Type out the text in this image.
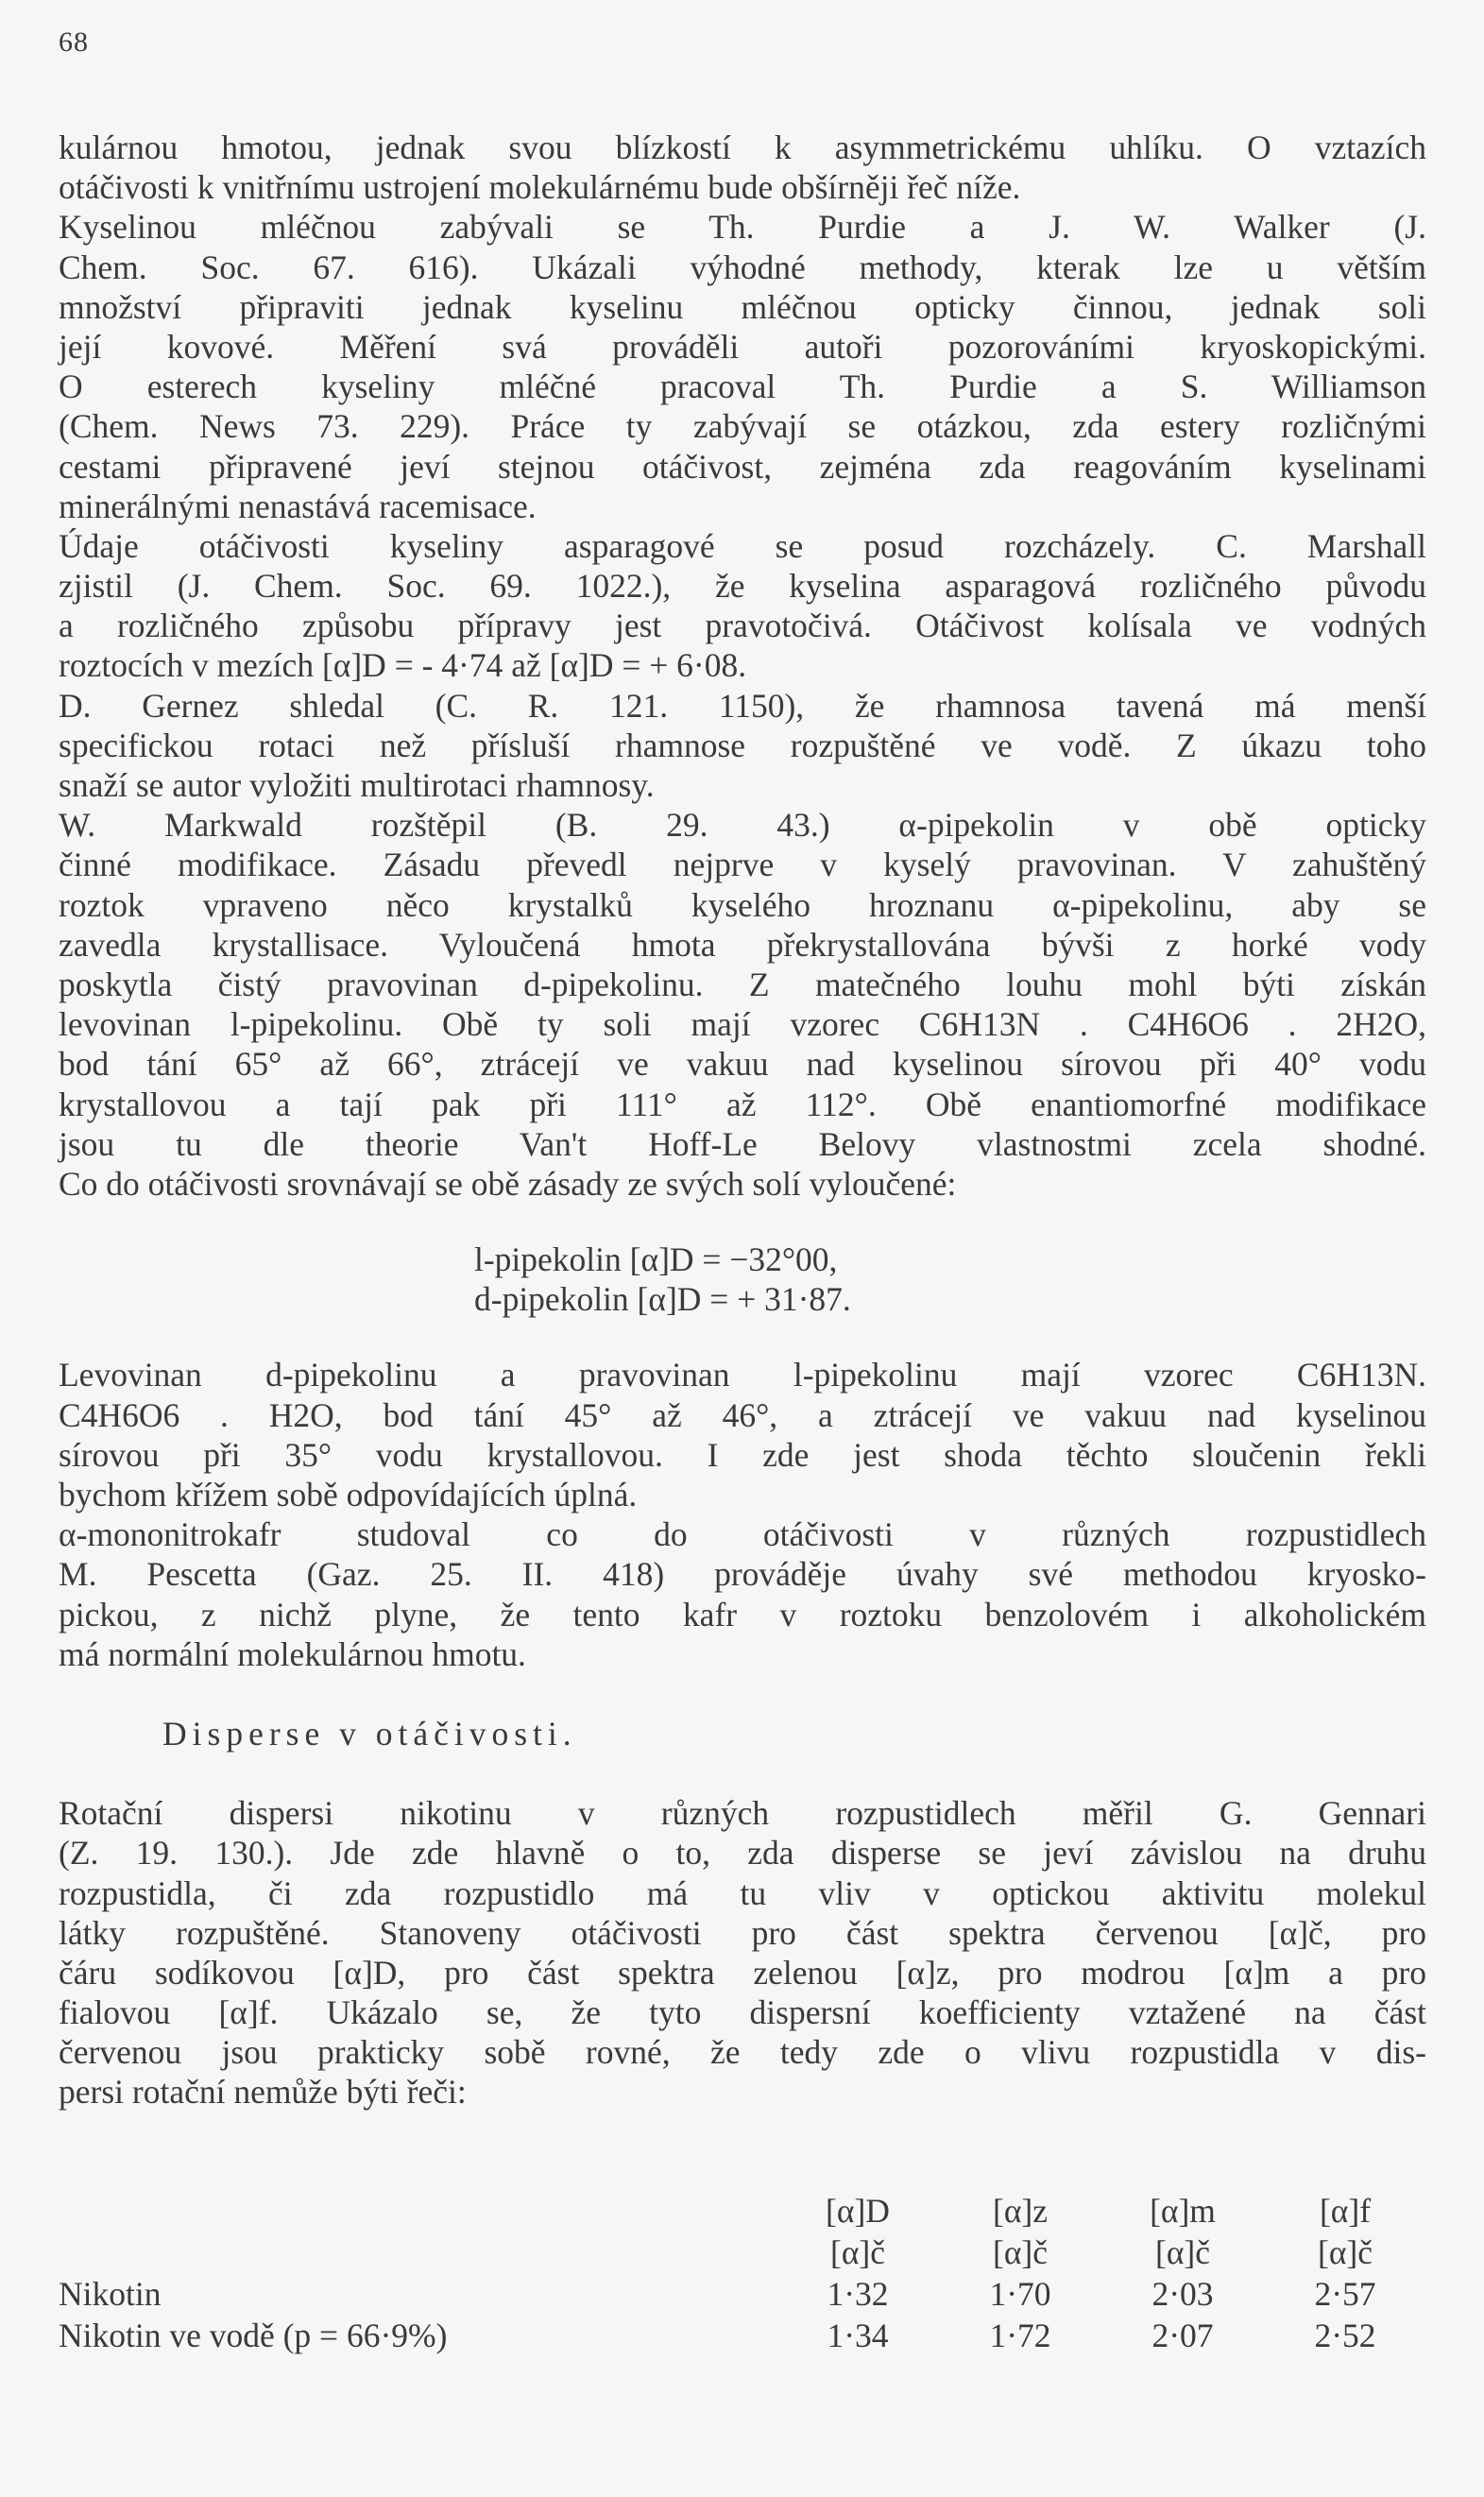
68
kulárnou hmotou, jednak svou blízkostí k asymmetrickému uhlíku. O vztazích
otáčivosti k vnitřnímu ustrojení molekulárnému bude obšírněji řeč níže.
Kyselinou mléčnou zabývali se Th. Purdie a J. W. Walker (J.
Chem. Soc. 67. 616). Ukázali výhodné methody, kterak lze u větším
množství připraviti jednak kyselinu mléčnou opticky činnou, jednak soli
její kovové. Měření svá prováděli autoři pozorováními kryoskopickými.
O esterech kyseliny mléčné pracoval Th. Purdie a S. Williamson
(Chem. News 73. 229). Práce ty zabývají se otázkou, zda estery rozličnými
cestami připravené jeví stejnou otáčivost, zejména zda reagováním kyselinami
minerálnými nenastává racemisace.
Údaje otáčivosti kyseliny asparagové se posud rozcházely. C. Marshall
zjistil (J. Chem. Soc. 69. 1022.), že kyselina asparagová rozličného původu
a rozličného způsobu přípravy jest pravotočivá. Otáčivost kolísala ve vodných
roztocích v mezích [α]D = - 4·74 až [α]D = + 6·08.
D. Gernez shledal (C. R. 121. 1150), že rhamnosa tavená má menší
specifickou rotaci než přísluší rhamnose rozpuštěné ve vodě. Z úkazu toho
snaží se autor vyložiti multirotaci rhamnosy.
W. Markwald rozštěpil (B. 29. 43.) α-pipekolin v obě opticky
činné modifikace. Zásadu převedl nejprve v kyselý pravovinan. V zahuštěný
roztok vpraveno něco krystalků kyselého hroznanu α-pipekolinu, aby se
zavedla krystallisace. Vyloučená hmota překrystallována bývši z horké vody
poskytla čistý pravovinan d-pipekolinu. Z matečného louhu mohl býti získán
levovinan l-pipekolinu. Obě ty soli mají vzorec C6H13N . C4H6O6 . 2H2O,
bod tání 65° až 66°, ztrácejí ve vakuu nad kyselinou sírovou při 40° vodu
krystallovou a tají pak při 111° až 112°. Obě enantiomorfné modifikace
jsou tu dle theorie Van't Hoff-Le Belovy vlastnostmi zcela shodné.
Co do otáčivosti srovnávají se obě zásady ze svých solí vyloučené:
l-pipekolin [α]D = −32°00,
d-pipekolin [α]D = + 31·87.
Levovinan d-pipekolinu a pravovinan l-pipekolinu mají vzorec C6H13N.
C4H6O6 . H2O, bod tání 45° až 46°, a ztrácejí ve vakuu nad kyselinou
sírovou při 35° vodu krystallovou. I zde jest shoda těchto sloučenin řekli
bychom křížem sobě odpovídajících úplná.
α-mononitrokafr studoval co do otáčivosti v různých rozpustidlech
M. Pescetta (Gaz. 25. II. 418) prováděje úvahy své methodou kryosko-
pickou, z nichž plyne, že tento kafr v roztoku benzolovém i alkoholickém
má normální molekulárnou hmotu.
Disperse v otáčivosti.
Rotační dispersi nikotinu v různých rozpustidlech měřil G. Gennari
(Z. 19. 130.). Jde zde hlavně o to, zda disperse se jeví závislou na druhu
rozpustidla, či zda rozpustidlo má tu vliv v optickou aktivitu molekul
látky rozpuštěné. Stanoveny otáčivosti pro část spektra červenou [α]č, pro
čáru sodíkovou [α]D, pro část spektra zelenou [α]z, pro modrou [α]m a pro
fialovou [α]f. Ukázalo se, že tyto dispersní koefficienty vztažené na část
červenou jsou prakticky sobě rovné, že tedy zde o vlivu rozpustidla v dis-
persi rotační nemůže býti řeči:
	[α]D	[α]z	[α]m	[α]f
	[α]č	[α]č	[α]č	[α]č
Nikotin	1·32	1·70	2·03	2·57
Nikotin ve vodě (p = 66·9%)	1·34	1·72	2·07	2·52
